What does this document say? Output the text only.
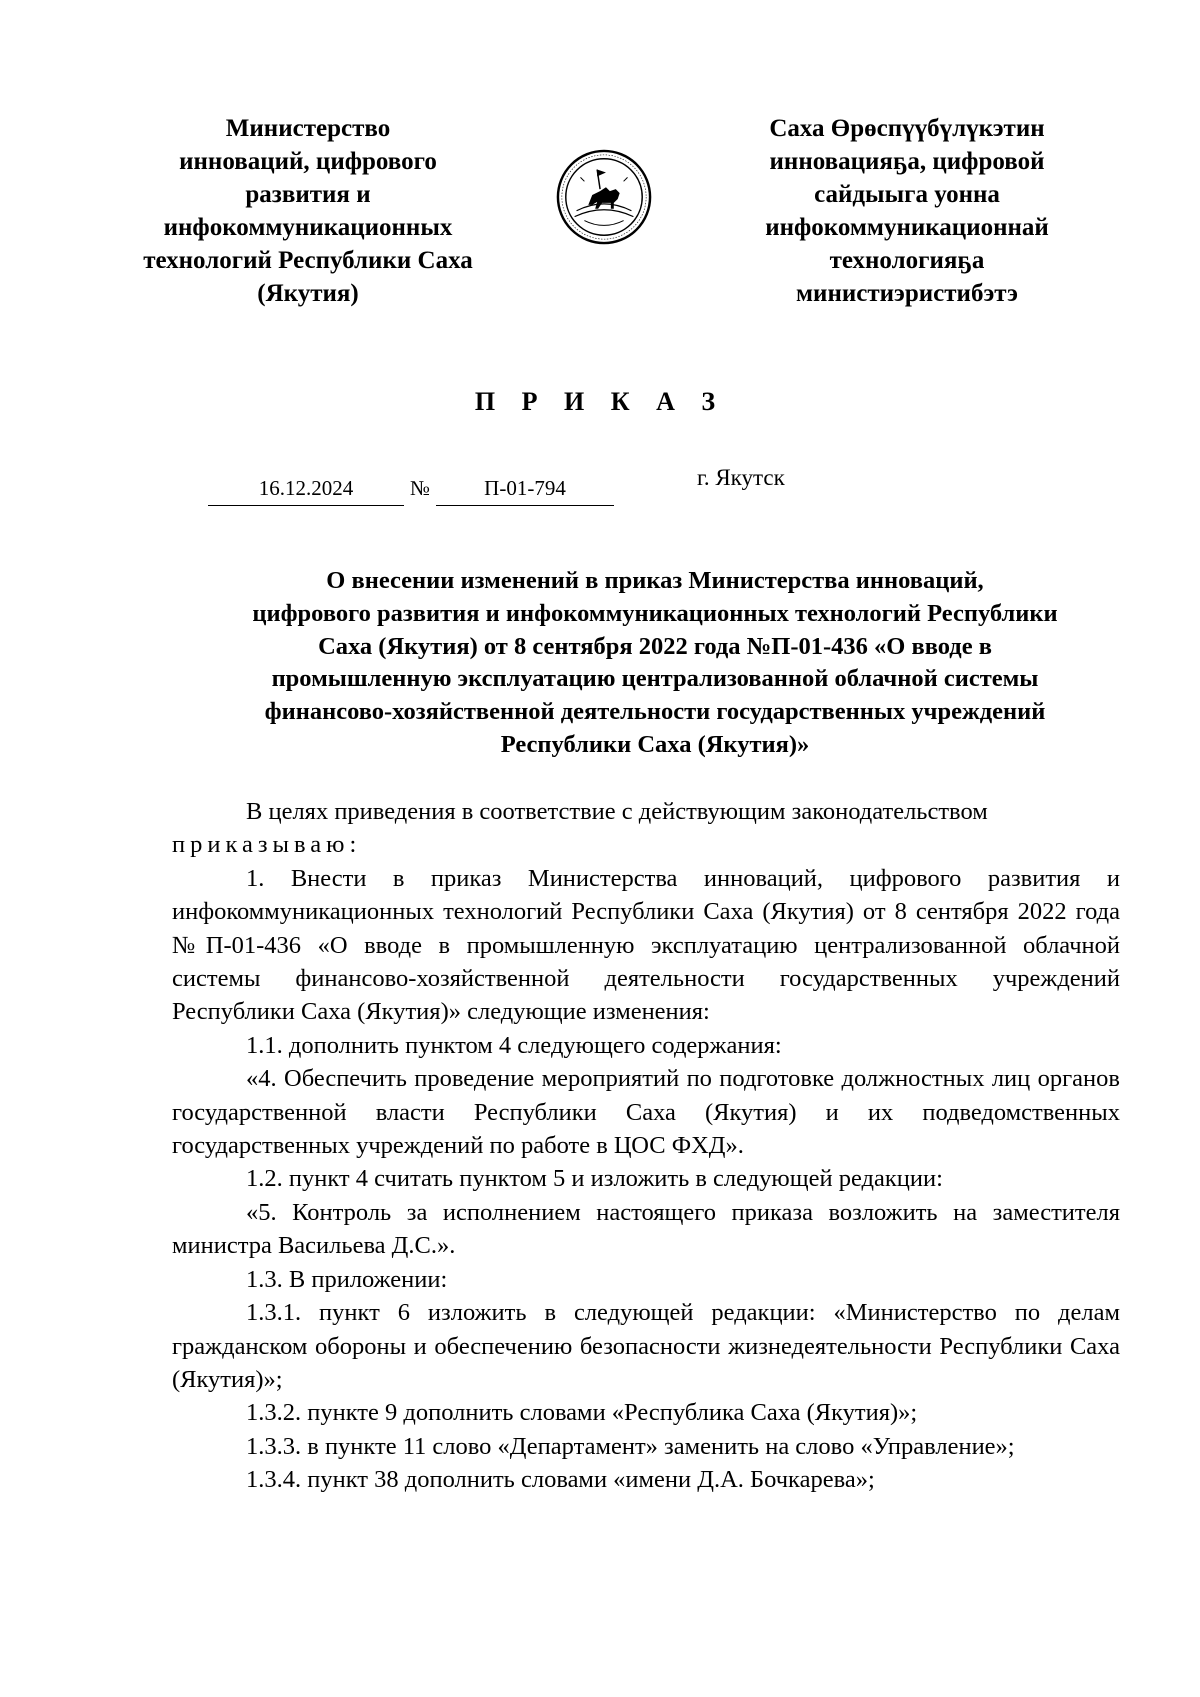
Министерство
инноваций, цифрового
развития и
инфокоммуникационных
технологий Республики Саха
(Якутия)
Саха Өрөспүүбүлүкэтин
инновацияҕа, цифровой
сайдыыга уонна
инфокоммуникационнай
технологияҕа
министиэристибэтэ
П Р И К А З
16.12.2024	№	П-01-794	г. Якутск
О внесении изменений в приказ Министерства инноваций,
цифрового развития и инфокоммуникационных технологий Республики
Саха (Якутия) от 8 сентября 2022 года №П-01-436 «О вводе в
промышленную эксплуатацию централизованной облачной системы
финансово-хозяйственной деятельности государственных учреждений
Республики Саха (Якутия)»

В целях приведения в соответствие с действующим законодательством

приказываю:

1. Внести в приказ Министерства инноваций, цифрового развития и инфокоммуникационных технологий Республики Саха (Якутия) от 8 сентября 2022 года №П-01-436 «О вводе в промышленную эксплуатацию централизованной облачной системы финансово-хозяйственной деятельности государственных учреждений Республики Саха (Якутия)» следующие изменения:

1.1. дополнить пунктом 4 следующего содержания:

«4. Обеспечить проведение мероприятий по подготовке должностных лиц органов государственной власти Республики Саха (Якутия) и их подведомственных государственных учреждений по работе в ЦОС ФХД».

1.2. пункт 4 считать пунктом 5 и изложить в следующей редакции:

«5. Контроль за исполнением настоящего приказа возложить на заместителя министра Васильева Д.С.».

1.3. В приложении:

1.3.1. пункт 6 изложить в следующей редакции: «Министерство по делам гражданском обороны и обеспечению безопасности жизнедеятельности Республики Саха (Якутия)»;

1.3.2. пункте 9 дополнить словами «Республика Саха (Якутия)»;

1.3.3. в пункте 11 слово «Департамент» заменить на слово «Управление»;

1.3.4. пункт 38 дополнить словами «имени Д.А. Бочкарева»;
